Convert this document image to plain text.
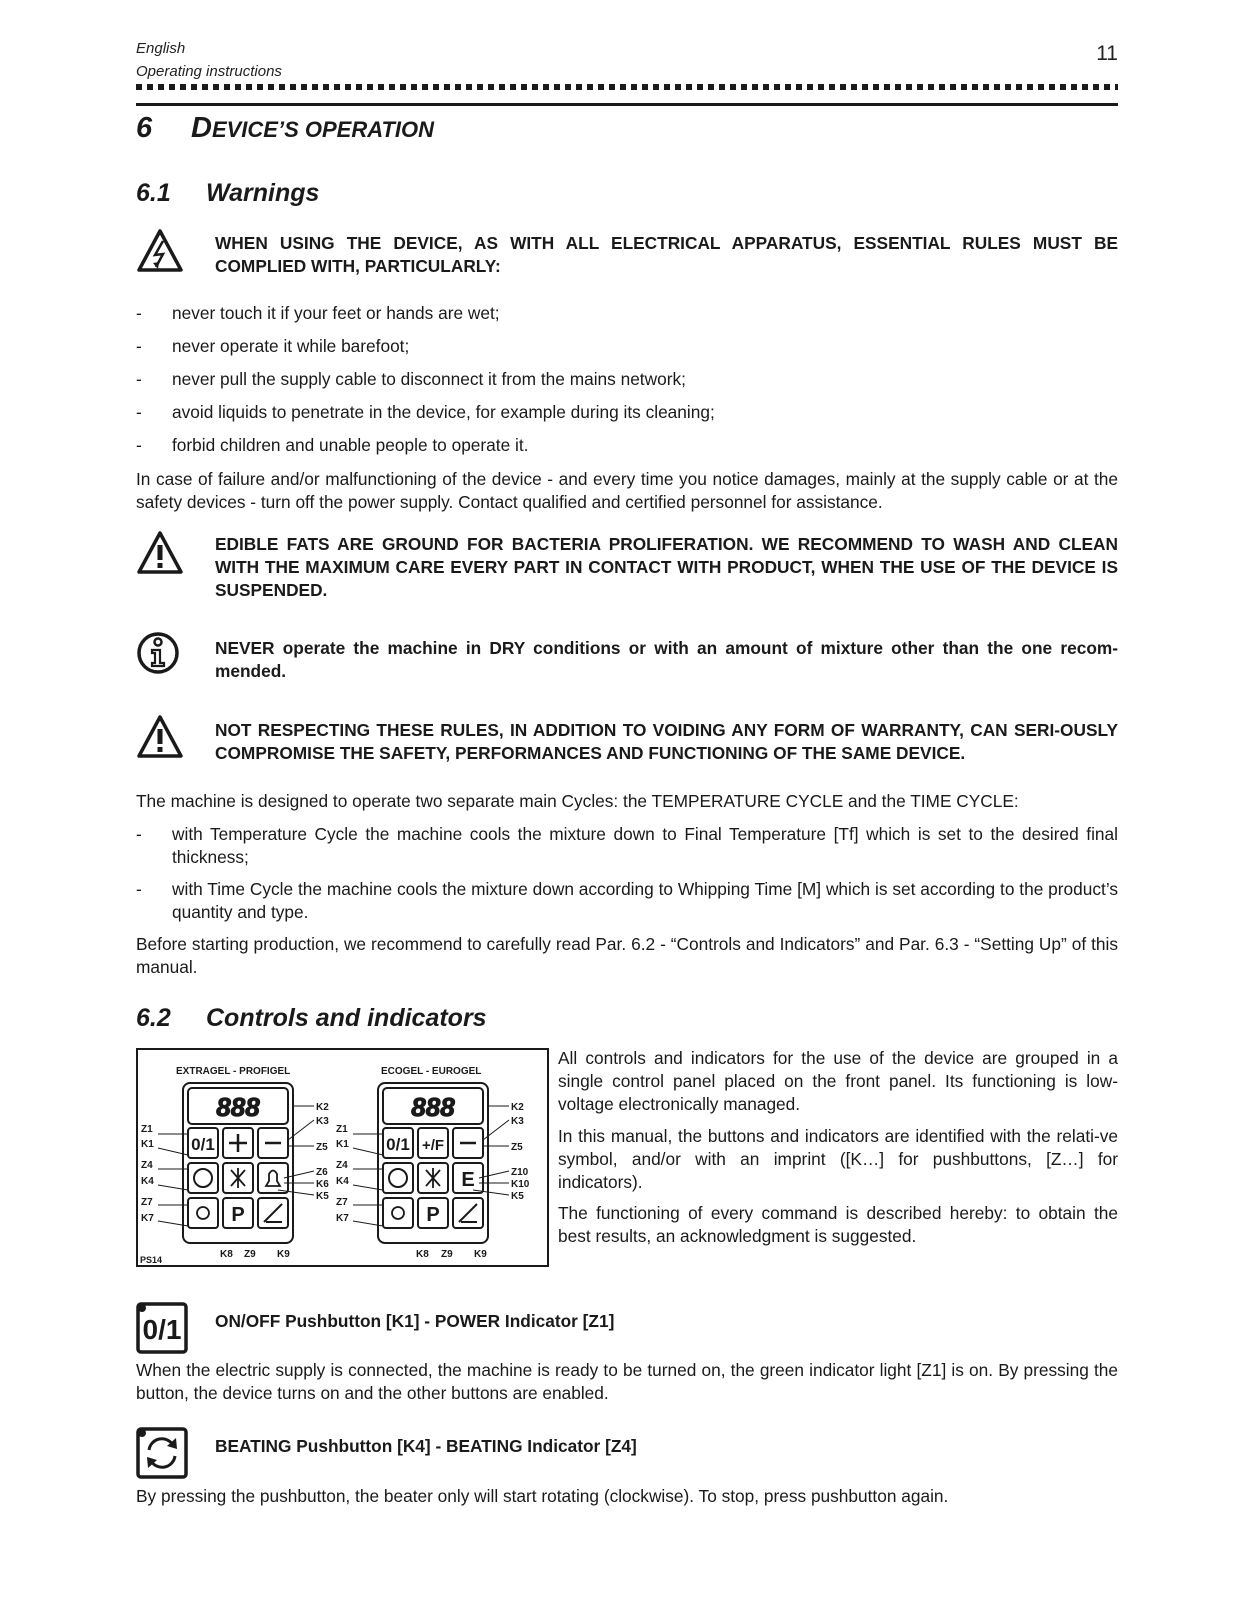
English
Operating instructions
11
6	D EVICE’S OPERATION
6.1	Warnings
WHEN USING THE DEVICE, AS WITH ALL ELECTRICAL APPARATUS, ESSENTIAL RULES MUST BE COMPLIED WITH, PARTICULARLY:
- never touch it if your feet or hands are wet;
- never operate it while barefoot;
- never pull the supply cable to disconnect it from the mains network;
- avoid liquids to penetrate in the device, for example during its cleaning;
- forbid children and unable people to operate it.
In case of failure and/or malfunctioning of the device - and every time you notice damages, mainly at the supply cable or at the safety devices - turn off the power supply. Contact qualified and certified personnel for assistance.
EDIBLE FATS ARE GROUND FOR BACTERIA PROLIFERATION. WE RECOMMEND TO WASH AND CLEAN WITH THE MAXIMUM CARE EVERY PART IN CONTACT WITH PRODUCT, WHEN THE USE OF THE DEVICE IS SUSPENDED.
NEVER operate the machine in DRY conditions or with an amount of mixture other than the one recom-mended.
NOT RESPECTING THESE RULES, IN ADDITION TO VOIDING ANY FORM OF WARRANTY, CAN SERI-OUSLY COMPROMISE THE SAFETY, PERFORMANCES AND FUNCTIONING OF THE SAME DEVICE.
The machine is designed to operate two separate main Cycles: the TEMPERATURE CYCLE and the TIME CYCLE:
- with Temperature Cycle the machine cools the mixture down to Final Temperature [Tf] which is set to the desired final thickness;
- with Time Cycle the machine cools the mixture down according to Whipping Time [M] which is set according to the product’s quantity and type.
Before starting production, we recommend to carefully read Par. 6.2 - “Controls and Indicators” and Par. 6.3 - “Setting Up” of this manual.
6.2	Controls and indicators
EXTRAGEL - PROFIGEL	ECOGEL - EUROGEL
888
0/1
P
888
0/1 +/F
E
P
K2
K3
Z5
Z6
K6
K5
K2
K3
Z5
Z10
K10
K5
Z1
K1
Z4
K4
Z7
K7
Z1
K1
Z4
K4
Z7
K7
K8 Z9 K9	K8 Z9 K9
PS14
All controls and indicators for the use of the device are grouped in a single control panel placed on the front panel. Its functioning is low-voltage electronically managed.
In this manual, the buttons and indicators are identified with the relati-ve symbol, and/or with an imprint ([K…] for pushbuttons, [Z…] for indicators).
The functioning of every command is described hereby: to obtain the best results, an acknowledgment is suggested.
0/1 ON/OFF Pushbutton [K1] - POWER Indicator [Z1]
When the electric supply is connected, the machine is ready to be turned on, the green indicator light [Z1] is on. By pressing the button, the device turns on and the other buttons are enabled.
BEATING Pushbutton [K4] - BEATING Indicator [Z4]
By pressing the pushbutton, the beater only will start rotating (clockwise). To stop, press pushbutton again.
